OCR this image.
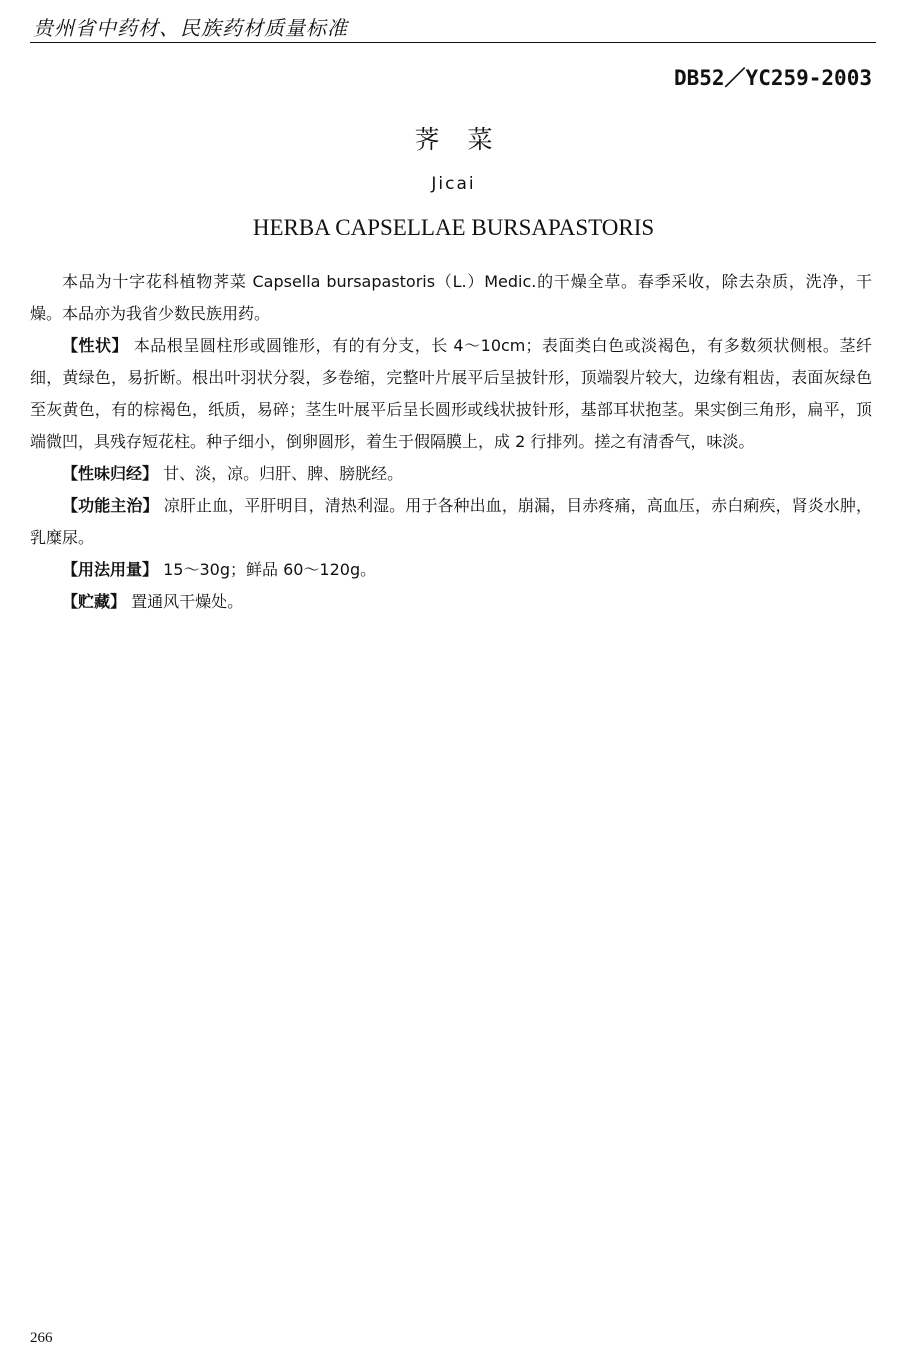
贵州省中药材、民族药材质量标准
DB52／YC259-2003
荠菜
Jicai
HERBA CAPSELLAE BURSAPASTORIS

本品为十字花科植物荠菜 Capsella bursapastoris（L.）Medic.的干燥全草。春季采收，除去杂质，洗净，干燥。本品亦为我省少数民族用药。

【性状】 本品根呈圆柱形或圆锥形，有的有分支，长 4～10cm；表面类白色或淡褐色，有多数须状侧根。茎纤细，黄绿色，易折断。根出叶羽状分裂，多卷缩，完整叶片展平后呈披针形，顶端裂片较大，边缘有粗齿，表面灰绿色至灰黄色，有的棕褐色，纸质，易碎；茎生叶展平后呈长圆形或线状披针形，基部耳状抱茎。果实倒三角形，扁平，顶端微凹，具残存短花柱。种子细小，倒卵圆形，着生于假隔膜上，成 2 行排列。搓之有清香气，味淡。

【性味归经】 甘、淡，凉。归肝、脾、膀胱经。

【功能主治】 凉肝止血，平肝明目，清热利湿。用于各种出血，崩漏，目赤疼痛，高血压，赤白痢疾，肾炎水肿，乳糜尿。

【用法用量】 15～30g；鲜品 60～120g。

【贮藏】 置通风干燥处。

266
